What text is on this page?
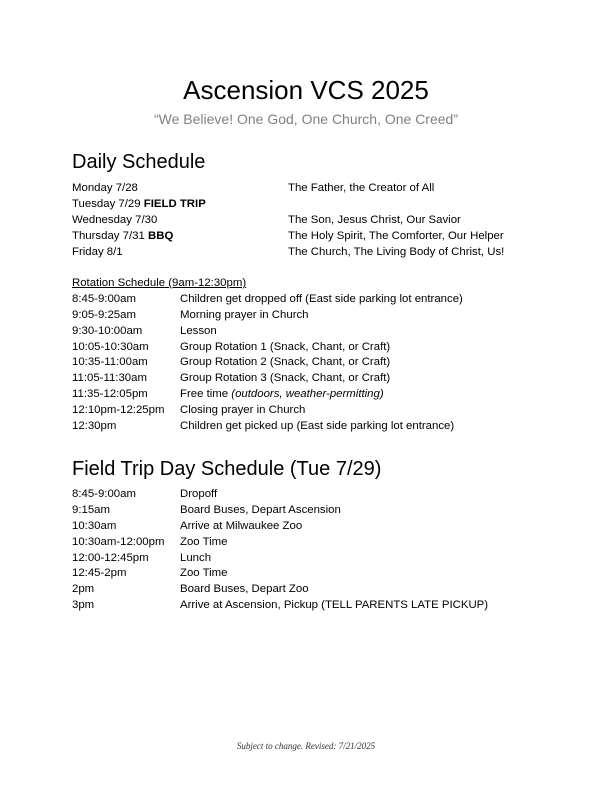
Ascension VCS 2025
“We Believe! One God, One Church, One Creed”
Daily Schedule
Monday 7/28	The Father, the Creator of All
Tuesday 7/29 FIELD TRIP
Wednesday 7/30	The Son, Jesus Christ, Our Savior
Thursday 7/31 BBQ	The Holy Spirit, The Comforter, Our Helper
Friday 8/1	The Church, The Living Body of Christ, Us!
Rotation Schedule (9am-12:30pm)
8:45-9:00am	Children get dropped off (East side parking lot entrance)
9:05-9:25am	Morning prayer in Church
9:30-10:00am	Lesson
10:05-10:30am	Group Rotation 1 (Snack, Chant, or Craft)
10:35-11:00am	Group Rotation 2 (Snack, Chant, or Craft)
11:05-11:30am	Group Rotation 3 (Snack, Chant, or Craft)
11:35-12:05pm	Free time (outdoors, weather-permitting)
12:10pm-12:25pm Closing prayer in Church
12:30pm	Children get picked up (East side parking lot entrance)
Field Trip Day Schedule (Tue 7/29)
8:45-9:00am	Dropoff
9:15am	Board Buses, Depart Ascension
10:30am	Arrive at Milwaukee Zoo
10:30am-12:00pm Zoo Time
12:00-12:45pm	Lunch
12:45-2pm	Zoo Time
2pm	Board Buses, Depart Zoo
3pm	Arrive at Ascension, Pickup (TELL PARENTS LATE PICKUP)
Subject to change. Revised: 7/21/2025
